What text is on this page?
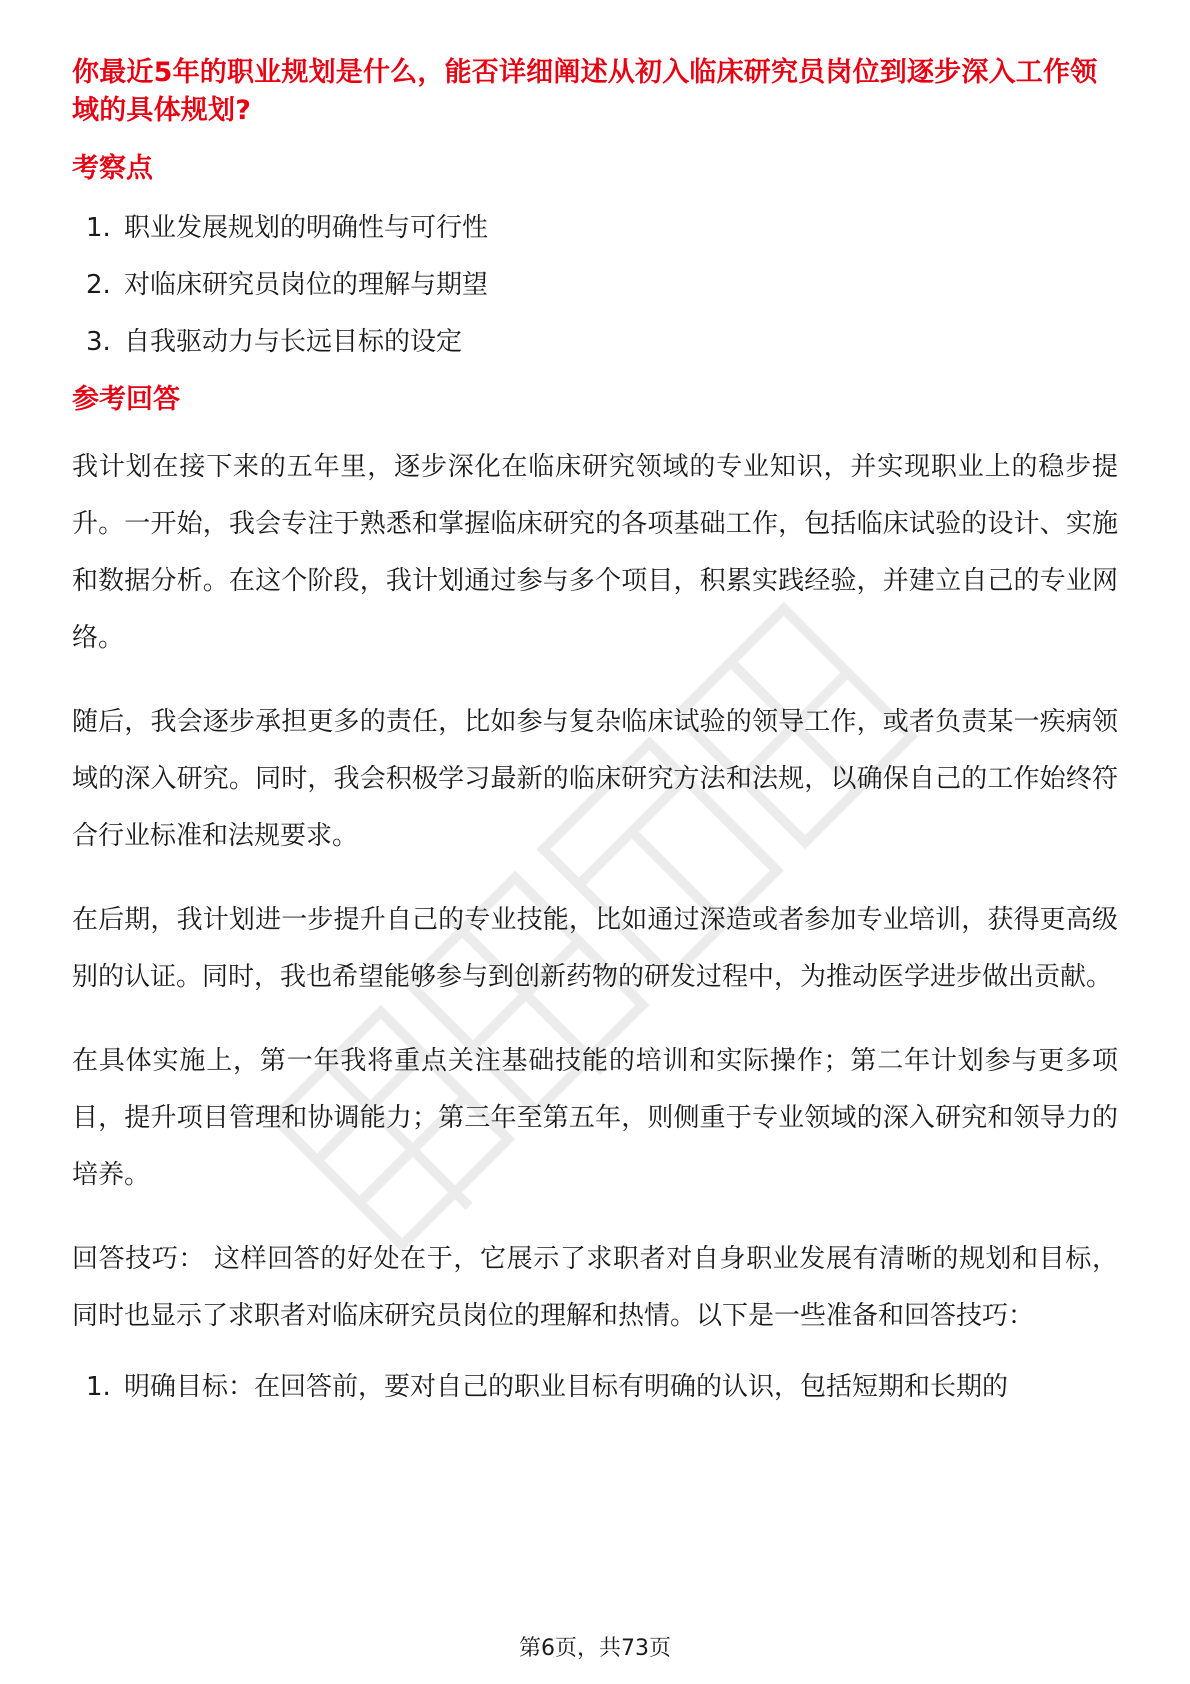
你最近5年的职业规划是什么，能否详细阐述从初入临床研究员岗位到逐步深入工作领域的具体规划?
考察点
1. 职业发展规划的明确性与可行性
2. 对临床研究员岗位的理解与期望
3. 自我驱动力与长远目标的设定
参考回答

我计划在接下来的五年里，逐步深化在临床研究领域的专业知识，并实现职业上的稳步提升。一开始，我会专注于熟悉和掌握临床研究的各项基础工作，包括临床试验的设计、实施和数据分析。在这个阶段，我计划通过参与多个项目，积累实践经验，并建立自己的专业网络。

随后，我会逐步承担更多的责任，比如参与复杂临床试验的领导工作，或者负责某一疾病领域的深入研究。同时，我会积极学习最新的临床研究方法和法规，以确保自己的工作始终符合行业标准和法规要求。

在后期，我计划进一步提升自己的专业技能，比如通过深造或者参加专业培训，获得更高级别的认证。同时，我也希望能够参与到创新药物的研发过程中，为推动医学进步做出贡献。

在具体实施上，第一年我将重点关注基础技能的培训和实际操作；第二年计划参与更多项目，提升项目管理和协调能力；第三年至第五年，则侧重于专业领域的深入研究和领导力的培养。

回答技巧： 这样回答的好处在于，它展示了求职者对自身职业发展有清晰的规划和目标，同时也显示了求职者对临床研究员岗位的理解和热情。以下是一些准备和回答技巧：

1. 明确目标：在回答前，要对自己的职业目标有明确的认识，包括短期和长期的
第6页，共73页
